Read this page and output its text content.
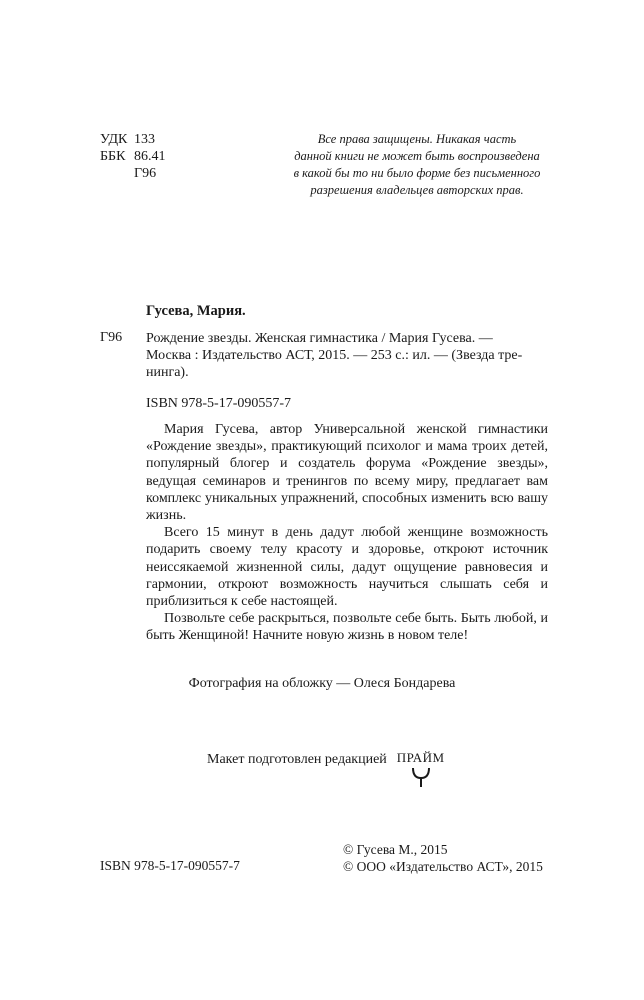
УДК 133
ББК 86.41
Г96
Все права защищены. Никакая часть
данной книги не может быть воспроизведена
в какой бы то ни было форме без письменного
разрешения владельцев авторских прав.
Гусева, Мария.
Г96 Рождение звезды. Женская гимнастика / Мария Гусева. —
Москва : Издательство АСТ, 2015. — 253 с.: ил. — (Звезда тре-
нинга).
ISBN 978-5-17-090557-7

Мария Гусева, автор Универсальной женской гимнастики «Рождение звезды», практикующий психолог и мама троих детей, популярный блогер и создатель форума «Рождение звезды», ведущая семинаров и тренингов по всему миру, предлагает вам комплекс уникальных упражнений, способных изменить всю вашу жизнь.

Всего 15 минут в день дадут любой женщине возможность подарить своему телу красоту и здоровье, откроют источник неиссякаемой жизненной силы, дадут ощущение равновесия и гармонии, откроют возможность научиться слышать себя и приблизиться к себе настоящей.

Позвольте себе раскрыться, позвольте себе быть. Быть любой, и быть Женщиной! Начните новую жизнь в новом теле!

Фотография на обложку — Олеся Бондарева
Макет подготовлен редакцией ПРАЙМ
© Гусева М., 2015
© ООО «Издательство АСТ», 2015
ISBN 978-5-17-090557-7
